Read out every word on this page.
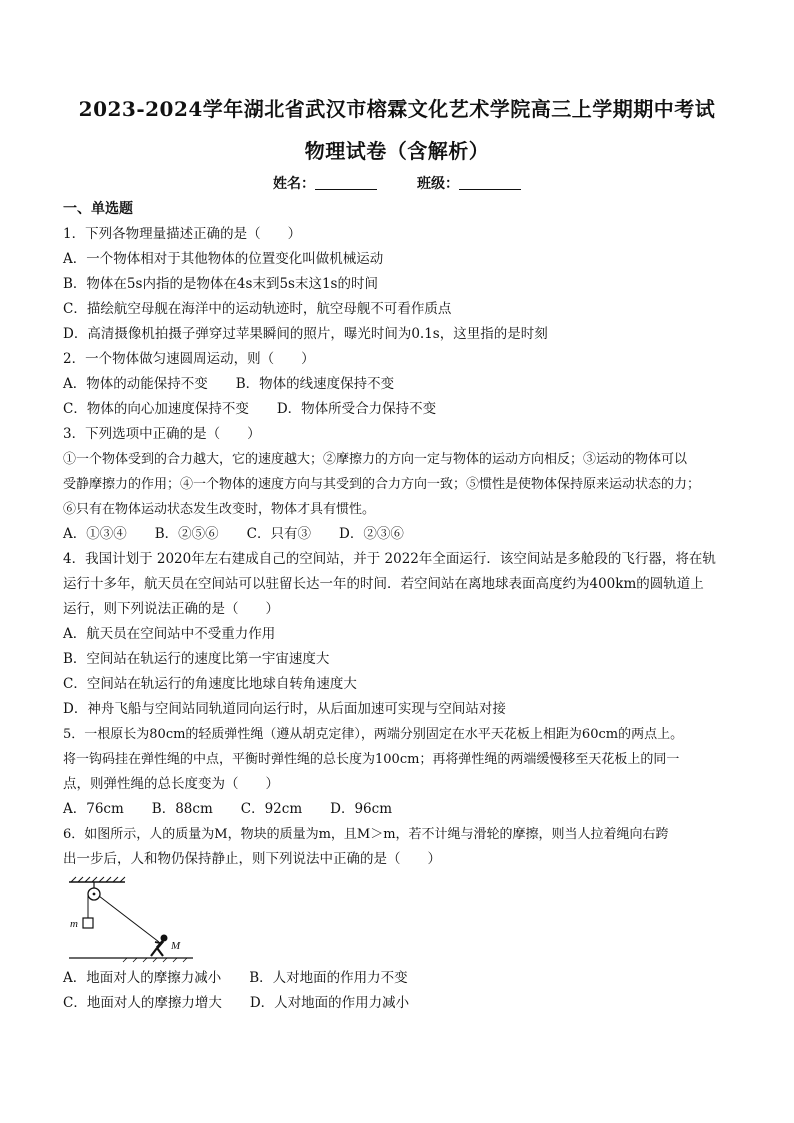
2023-2024学年湖北省武汉市榕霖文化艺术学院高三上学期期中考试
物理试卷（含解析）
姓名：	班级：
一、单选题
1．下列各物理量描述正确的是（　　）
A．一个物体相对于其他物体的位置变化叫做机械运动
B．物体在5s内指的是物体在4s末到5s末这1s的时间
C．描绘航空母舰在海洋中的运动轨迹时，航空母舰不可看作质点
D．高清摄像机拍摄子弹穿过苹果瞬间的照片，曝光时间为0.1s，这里指的是时刻
2．一个物体做匀速圆周运动，则（　　）
A．物体的动能保持不变 B．物体的线速度保持不变
C．物体的向心加速度保持不变 D．物体所受合力保持不变
3．下列选项中正确的是（　　）
①一个物体受到的合力越大，它的速度越大；②摩擦力的方向一定与物体的运动方向相反；③运动的物体可以
受静摩擦力的作用；④一个物体的速度方向与其受到的合力方向一致；⑤惯性是使物体保持原来运动状态的力；
⑥只有在物体运动状态发生改变时，物体才具有惯性。
A．①③④ B．②⑤⑥ C．只有③ D．②③⑥
4．我国计划于 2020年左右建成自己的空间站，并于 2022年全面运行．该空间站是多舱段的飞行器，将在轨
运行十多年，航天员在空间站可以驻留长达一年的时间．若空间站在离地球表面高度约为400km的圆轨道上
运行，则下列说法正确的是（　　）
A．航天员在空间站中不受重力作用
B．空间站在轨运行的速度比第一宇宙速度大
C．空间站在轨运行的角速度比地球自转角速度大
D．神舟飞船与空间站同轨道同向运行时，从后面加速可实现与空间站对接
5．一根原长为80cm的轻质弹性绳（遵从胡克定律），两端分别固定在水平天花板上相距为60cm的两点上。
将一钩码挂在弹性绳的中点，平衡时弹性绳的总长度为100cm；再将弹性绳的两端缓慢移至天花板上的同一
点，则弹性绳的总长度变为（　　）
A．76cm B．88cm C．92cm D．96cm
6．如图所示，人的质量为M，物块的质量为m，且M＞m，若不计绳与滑轮的摩擦，则当人拉着绳向右跨
出一步后，人和物仍保持静止，则下列说法中正确的是（　　）
m
M
A．地面对人的摩擦力减小 B．人对地面的作用力不变
C．地面对人的摩擦力增大 D．人对地面的作用力减小
